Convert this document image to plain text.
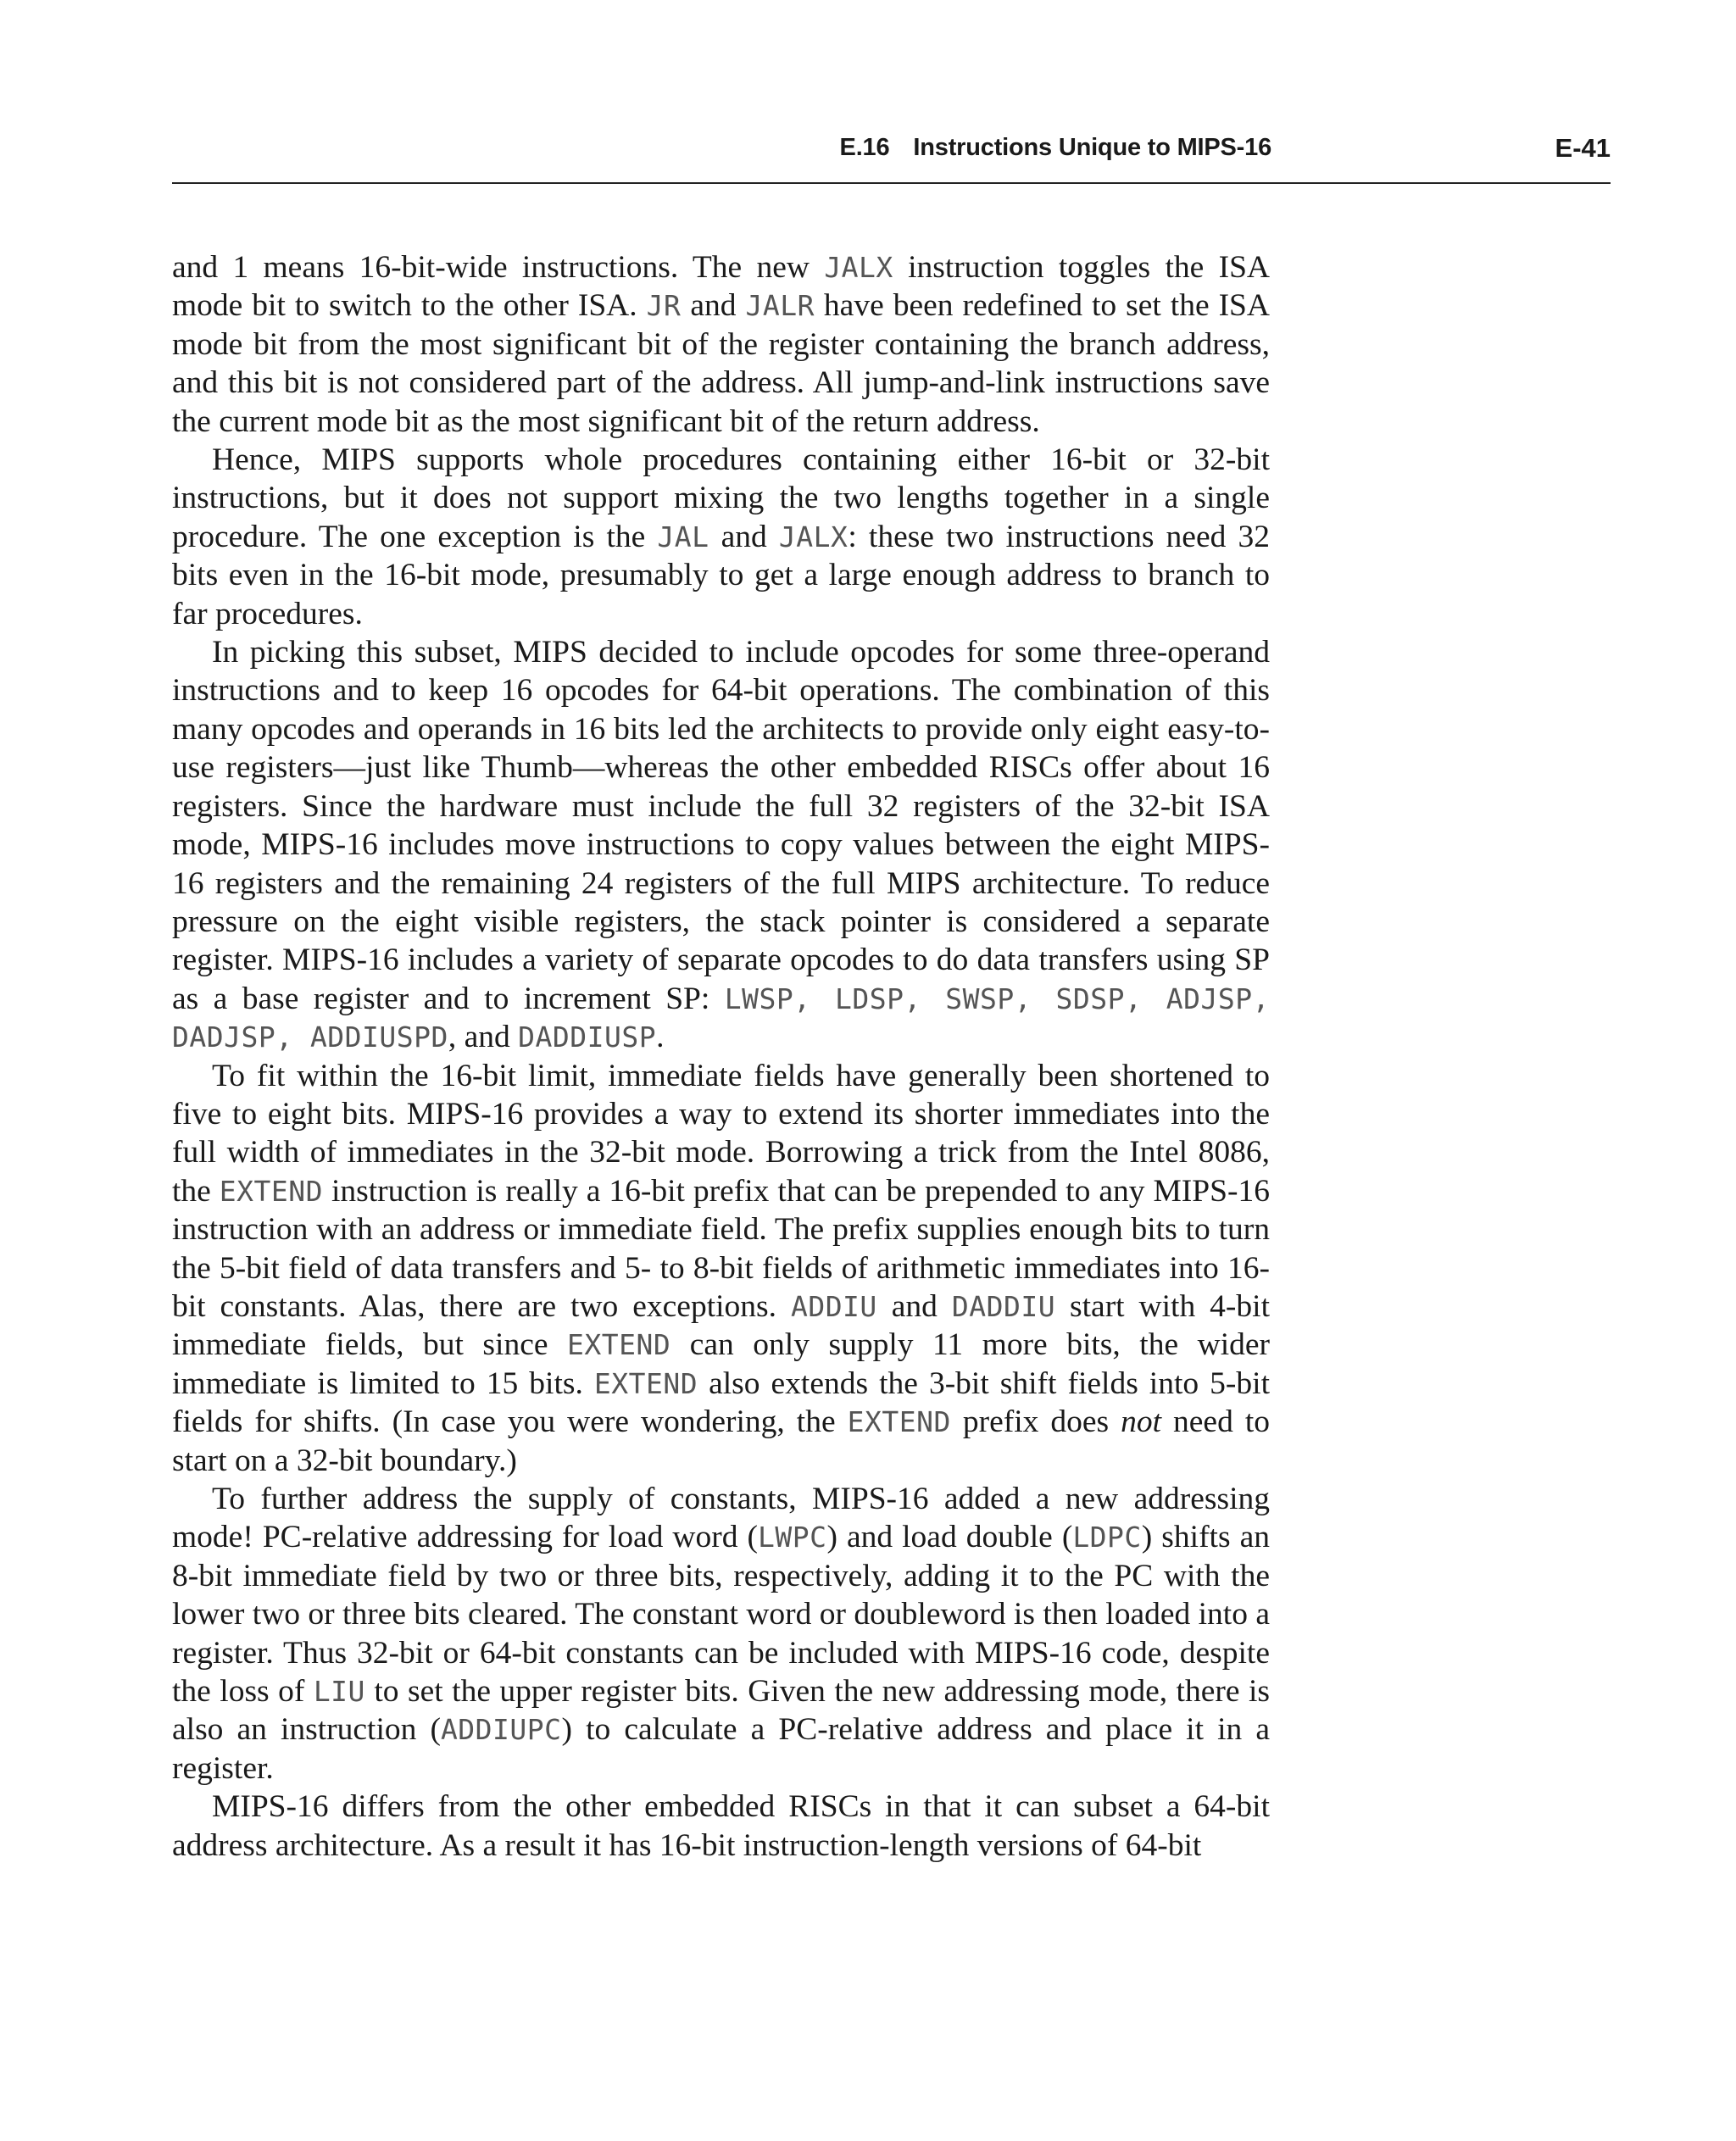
E.16 Instructions Unique to MIPS-16	E-41

and 1 means 16-bit-wide instructions. The new JALX instruction toggles the ISA mode bit to switch to the other ISA. JR and JALR have been redefined to set the ISA mode bit from the most significant bit of the register containing the branch address, and this bit is not considered part of the address. All jump-and-link instructions save the current mode bit as the most significant bit of the return address.

Hence, MIPS supports whole procedures containing either 16-bit or 32-bit instructions, but it does not support mixing the two lengths together in a single procedure. The one exception is the JAL and JALX: these two instructions need 32 bits even in the 16-bit mode, presumably to get a large enough address to branch to far procedures.

In picking this subset, MIPS decided to include opcodes for some three-operand instructions and to keep 16 opcodes for 64-bit operations. The combination of this many opcodes and operands in 16 bits led the architects to provide only eight easy-to-use registers—just like Thumb—whereas the other embedded RISCs offer about 16 registers. Since the hardware must include the full 32 registers of the 32-bit ISA mode, MIPS-16 includes move instructions to copy values between the eight MIPS-16 registers and the remaining 24 registers of the full MIPS architecture. To reduce pressure on the eight visible registers, the stack pointer is considered a separate register. MIPS-16 includes a variety of separate opcodes to do data transfers using SP as a base register and to increment SP: LWSP, LDSP, SWSP, SDSP, ADJSP, DADJSP, ADDIUSPD, and DADDIUSP.

To fit within the 16-bit limit, immediate fields have generally been shortened to five to eight bits. MIPS-16 provides a way to extend its shorter immediates into the full width of immediates in the 32-bit mode. Borrowing a trick from the Intel 8086, the EXTEND instruction is really a 16-bit prefix that can be prepended to any MIPS-16 instruction with an address or immediate field. The prefix supplies enough bits to turn the 5-bit field of data transfers and 5- to 8-bit fields of arithmetic immediates into 16-bit constants. Alas, there are two exceptions. ADDIU and DADDIU start with 4-bit immediate fields, but since EXTEND can only supply 11 more bits, the wider immediate is limited to 15 bits. EXTEND also extends the 3-bit shift fields into 5-bit fields for shifts. (In case you were wondering, the EXTEND prefix does not need to start on a 32-bit boundary.)

To further address the supply of constants, MIPS-16 added a new addressing mode! PC-relative addressing for load word (LWPC) and load double (LDPC) shifts an 8-bit immediate field by two or three bits, respectively, adding it to the PC with the lower two or three bits cleared. The constant word or doubleword is then loaded into a register. Thus 32-bit or 64-bit constants can be included with MIPS-16 code, despite the loss of LIU to set the upper register bits. Given the new addressing mode, there is also an instruction (ADDIUPC) to calculate a PC-relative address and place it in a register.

MIPS-16 differs from the other embedded RISCs in that it can subset a 64-bit address architecture. As a result it has 16-bit instruction-length versions of 64-bit
